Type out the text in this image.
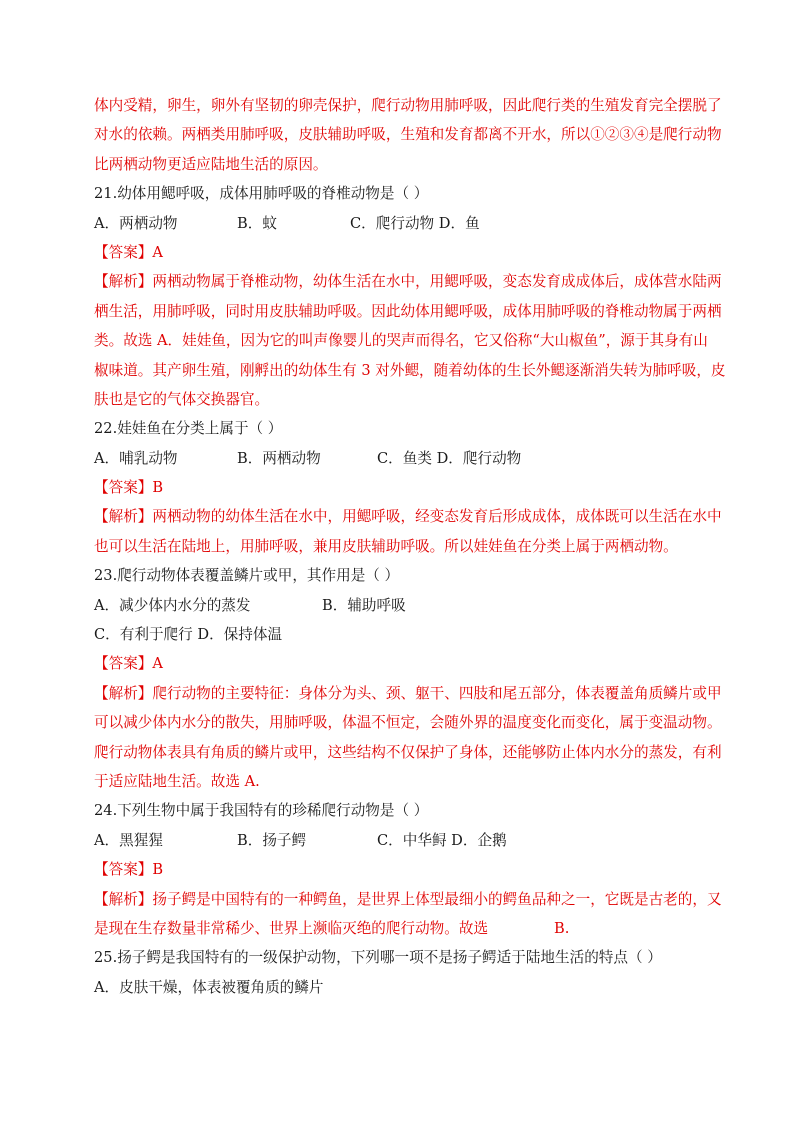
体内受精，卵生，卵外有坚韧的卵壳保护，爬行动物用肺呼吸，因此爬行类的生殖发育完全摆脱了
对水的依赖。两栖类用肺呼吸，皮肤辅助呼吸，生殖和发育都离不开水，所以①②③④是爬行动物
比两栖动物更适应陆地生活的原因。
21.幼体用鳃呼吸，成体用肺呼吸的脊椎动物是（ ）
A．两栖动物	B．蚊	C．爬行动物 D．鱼
【答案】A
【解析】两栖动物属于脊椎动物，幼体生活在水中，用鳃呼吸，变态发育成成体后，成体营水陆两
栖生活，用肺呼吸，同时用皮肤辅助呼吸。因此幼体用鳃呼吸，成体用肺呼吸的脊椎动物属于两栖
类。故选 A．娃娃鱼，因为它的叫声像婴儿的哭声而得名，它又俗称“大山椒鱼”，源于其身有山
椒味道。其产卵生殖，刚孵出的幼体生有 3 对外鳃，随着幼体的生长外鳃逐渐消失转为肺呼吸，皮
肤也是它的气体交换器官。
22.娃娃鱼在分类上属于（ ）
A．哺乳动物	B．两栖动物	C．鱼类 D．爬行动物
【答案】B
【解析】两栖动物的幼体生活在水中，用鳃呼吸，经变态发育后形成成体，成体既可以生活在水中
也可以生活在陆地上，用肺呼吸，兼用皮肤辅助呼吸。所以娃娃鱼在分类上属于两栖动物。
23.爬行动物体表覆盖鳞片或甲，其作用是（ ）
A．减少体内水分的蒸发	B．辅助呼吸
C．有利于爬行 D．保持体温
【答案】A
【解析】爬行动物的主要特征：身体分为头、颈、躯干、四肢和尾五部分，体表覆盖角质鳞片或甲
可以减少体内水分的散失，用肺呼吸，体温不恒定，会随外界的温度变化而变化，属于变温动物。
爬行动物体表具有角质的鳞片或甲，这些结构不仅保护了身体，还能够防止体内水分的蒸发，有利
于适应陆地生活。故选 A.
24.下列生物中属于我国特有的珍稀爬行动物是（ ）
A．黑猩猩	B．扬子鳄	C．中华鲟 D．企鹅
【答案】B
【解析】扬子鳄是中国特有的一种鳄鱼，是世界上体型最细小的鳄鱼品种之一，它既是古老的，又
是现在生存数量非常稀少、世界上濒临灭绝的爬行动物。故选	B.
25.扬子鳄是我国特有的一级保护动物，下列哪一项不是扬子鳄适于陆地生活的特点（ ）
A．皮肤干燥，体表被覆角质的鳞片
